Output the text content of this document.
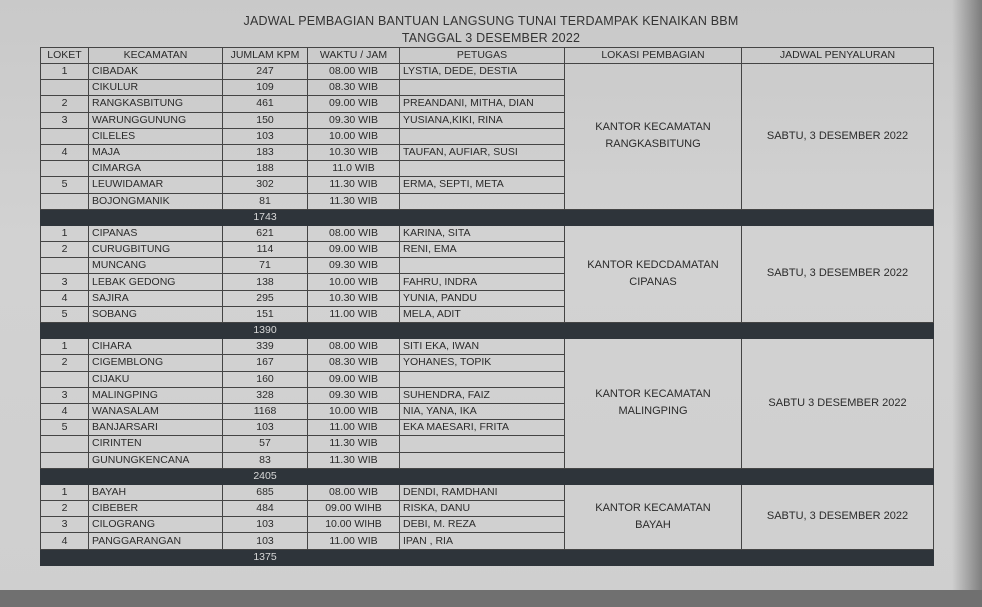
JADWAL PEMBAGIAN BANTUAN LANGSUNG TUNAI TERDAMPAK KENAIKAN BBM
TANGGAL 3 DESEMBER 2022
LOKET	KECAMATAN	JUMLAM KPM	WAKTU / JAM	PETUGAS	LOKASI PEMBAGIAN	JADWAL PENYALURAN
1	CIBADAK	247	08.00 WIB	LYSTIA, DEDE, DESTIA	KANTOR KECAMATAN
RANGKASBITUNG	SABTU, 3 DESEMBER 2022
	CIKULUR	109	08.30 WIB			
2	RANGKASBITUNG	461	09.00 WIB	PREANDANI, MITHA, DIAN		
3	WARUNGGUNUNG	150	09.30 WIB	YUSIANA,KIKI, RINA		
	CILELES	103	10.00 WIB			
4	MAJA	183	10.30 WIB	TAUFAN, AUFIAR, SUSI		
	CIMARGA	188	11.0 WIB			
5	LEUWIDAMAR	302	11.30 WIB	ERMA, SEPTI, META		
	BOJONGMANIK	81	11.30 WIB			
		1743				
1	CIPANAS	621	08.00 WIB	KARINA, SITA	KANTOR KEDCDAMATAN
CIPANAS	SABTU, 3 DESEMBER 2022
2	CURUGBITUNG	114	09.00 WIB	RENI, EMA		
	MUNCANG	71	09.30 WIB			
3	LEBAK GEDONG	138	10.00 WIB	FAHRU, INDRA		
4	SAJIRA	295	10.30 WIB	YUNIA, PANDU		
5	SOBANG	151	11.00 WIB	MELA, ADIT		
		1390				
1	CIHARA	339	08.00 WIB	SITI EKA, IWAN	KANTOR KECAMATAN
MALINGPING	SABTU 3 DESEMBER 2022
2	CIGEMBLONG	167	08.30 WIB	YOHANES, TOPIK		
	CIJAKU	160	09.00 WIB			
3	MALINGPING	328	09.30 WIB	SUHENDRA, FAIZ		
4	WANASALAM	1168	10.00 WIB	NIA, YANA, IKA		
5	BANJARSARI	103	11.00 WIB	EKA MAESARI, FRITA		
	CIRINTEN	57	11.30 WIB			
	GUNUNGKENCANA	83	11.30 WIB			
		2405				
1	BAYAH	685	08.00 WIB	DENDI, RAMDHANI	KANTOR KECAMATAN
BAYAH	SABTU, 3 DESEMBER 2022
2	CIBEBER	484	09.00 WIHB	RISKA, DANU		
3	CILOGRANG	103	10.00 WIHB	DEBI, M. REZA		
4	PANGGARANGAN	103	11.00 WIB	IPAN , RIA		
		1375				
